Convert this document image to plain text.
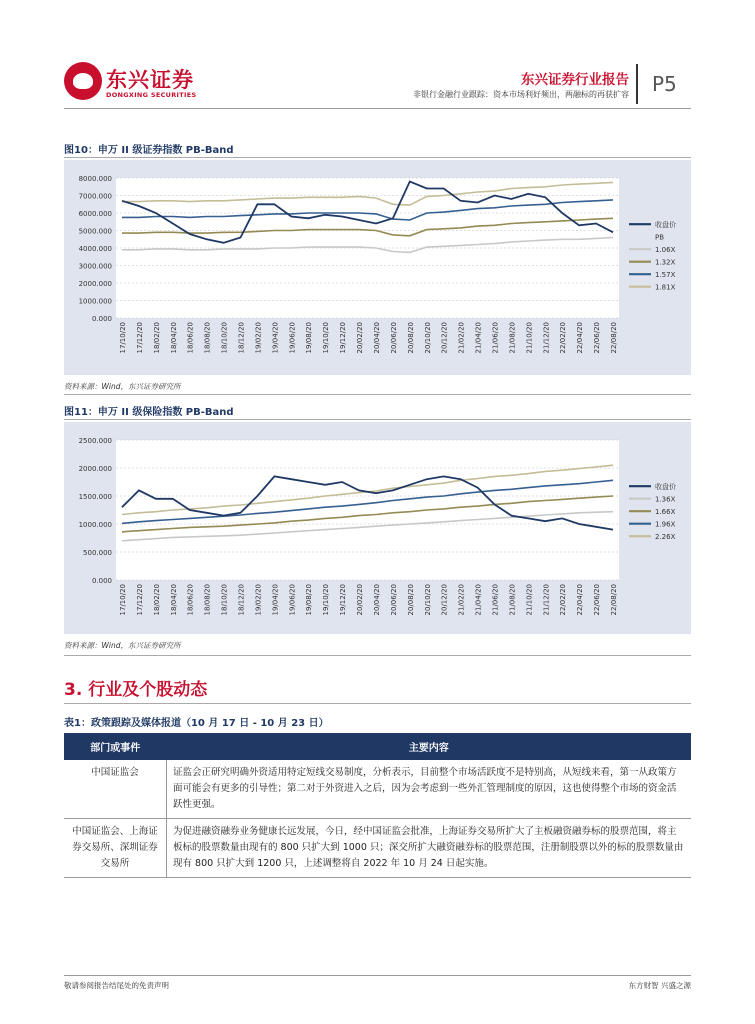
东兴证券
DONGXING SECURITIES
东兴证券行业报告
非银行金融行业跟踪：资本市场利好频出，两融标的再获扩容 P5
图10：申万 II 级证券指数 PB-Band
8000.000
7000.000
6000.000
5000.000
4000.000
3000.000
2000.000
1000.000
0.000
17/10/20 17/12/20 18/02/20 18/04/20 18/06/20 18/08/20 18/10/20 18/12/20 19/02/20 19/04/20 19/06/20 19/08/20 19/10/20 19/12/20 20/02/20 20/04/20 20/06/20 20/08/20 20/10/20 20/12/20 21/02/20 21/04/20 21/06/20 21/08/20 21/10/20 21/12/20 22/02/20 22/04/20 22/06/20 22/08/20
收盘价
PB
1.06X
1.32X
1.57X
1.81X
资料来源：Wind，东兴证券研究所
图11：申万 II 级保险指数 PB-Band
2500.000
2000.000
1500.000
1000.000
500.000
0.000
17/10/20 17/12/20 18/02/20 18/04/20 18/06/20 18/08/20 18/10/20 18/12/20 19/02/20 19/04/20 19/06/20 19/08/20 19/10/20 19/12/20 20/02/20 20/04/20 20/06/20 20/08/20 20/10/20 20/12/20 21/02/20 21/04/20 21/06/20 21/08/20 21/10/20 21/12/20 22/02/20 22/04/20 22/06/20 22/08/20
收盘价
1.36X
1.66X
1.96X
2.26X
资料来源：Wind，东兴证券研究所
3. 行业及个股动态
表1：政策跟踪及媒体报道（10 月 17 日 - 10 月 23 日）
部门或事件	主要内容
中国证监会	证监会正研究明确外资适用特定短线交易制度，分析表示，目前整个市场活跃度不是特别高，从短线来看，第一从政策方面可能会有更多的引导性；第二对于外资进入之后，因为会考虑到一些外汇管理制度的原因，这也使得整个市场的资金活跃性更强。
中国证监会、上海证券交易所、深圳证券交易所	为促进融资融券业务健康长远发展，今日，经中国证监会批准，上海证券交易所扩大了主板融资融券标的股票范围，将主板标的股票数量由现有的 800 只扩大到 1000 只；深交所扩大融资融券标的股票范围，注册制股票以外的标的股票数量由现有 800 只扩大到 1200 只，上述调整将自 2022 年 10 月 24 日起实施。
敬请参阅报告结尾处的免责声明	东方财智 兴盛之源
